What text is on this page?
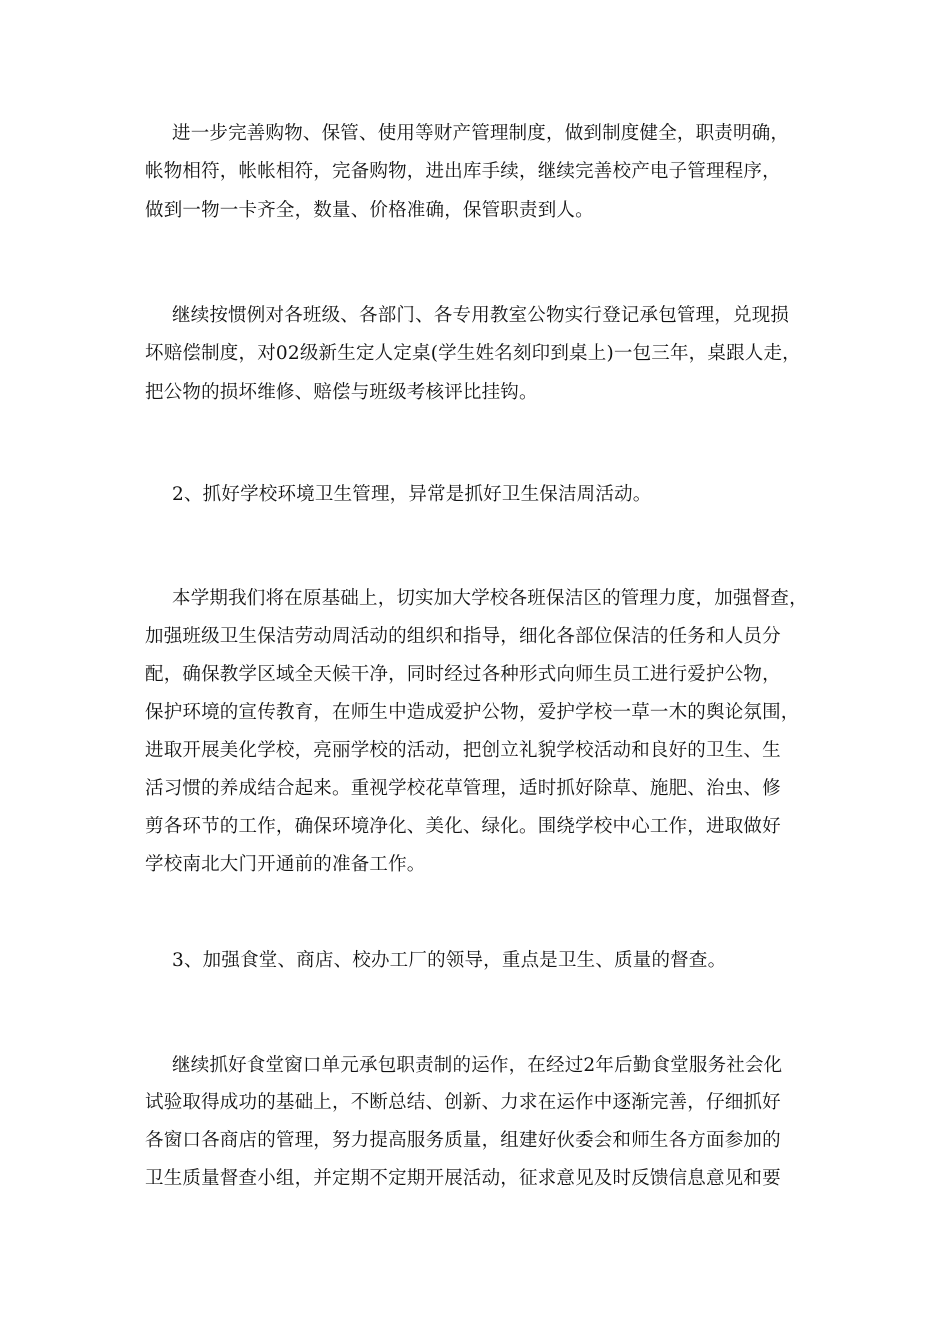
进一步完善购物、保管、使用等财产管理制度，做到制度健全，职责明确，
帐物相符，帐帐相符，完备购物，进出库手续，继续完善校产电子管理程序，
做到一物一卡齐全，数量、价格准确，保管职责到人。
继续按惯例对各班级、各部门、各专用教室公物实行登记承包管理，兑现损
坏赔偿制度，对02级新生定人定桌(学生姓名刻印到桌上)一包三年，桌跟人走，
把公物的损坏维修、赔偿与班级考核评比挂钩。
2、抓好学校环境卫生管理，异常是抓好卫生保洁周活动。
本学期我们将在原基础上，切实加大学校各班保洁区的管理力度，加强督查，
加强班级卫生保洁劳动周活动的组织和指导，细化各部位保洁的任务和人员分
配，确保教学区域全天候干净，同时经过各种形式向师生员工进行爱护公物，
保护环境的宣传教育，在师生中造成爱护公物，爱护学校一草一木的舆论氛围，
进取开展美化学校，亮丽学校的活动，把创立礼貌学校活动和良好的卫生、生
活习惯的养成结合起来。重视学校花草管理，适时抓好除草、施肥、治虫、修
剪各环节的工作，确保环境净化、美化、绿化。围绕学校中心工作，进取做好
学校南北大门开通前的准备工作。
3、加强食堂、商店、校办工厂的领导，重点是卫生、质量的督查。
继续抓好食堂窗口单元承包职责制的运作，在经过2年后勤食堂服务社会化
试验取得成功的基础上，不断总结、创新、力求在运作中逐渐完善，仔细抓好
各窗口各商店的管理，努力提高服务质量，组建好伙委会和师生各方面参加的
卫生质量督查小组，并定期不定期开展活动，征求意见及时反馈信息意见和要
